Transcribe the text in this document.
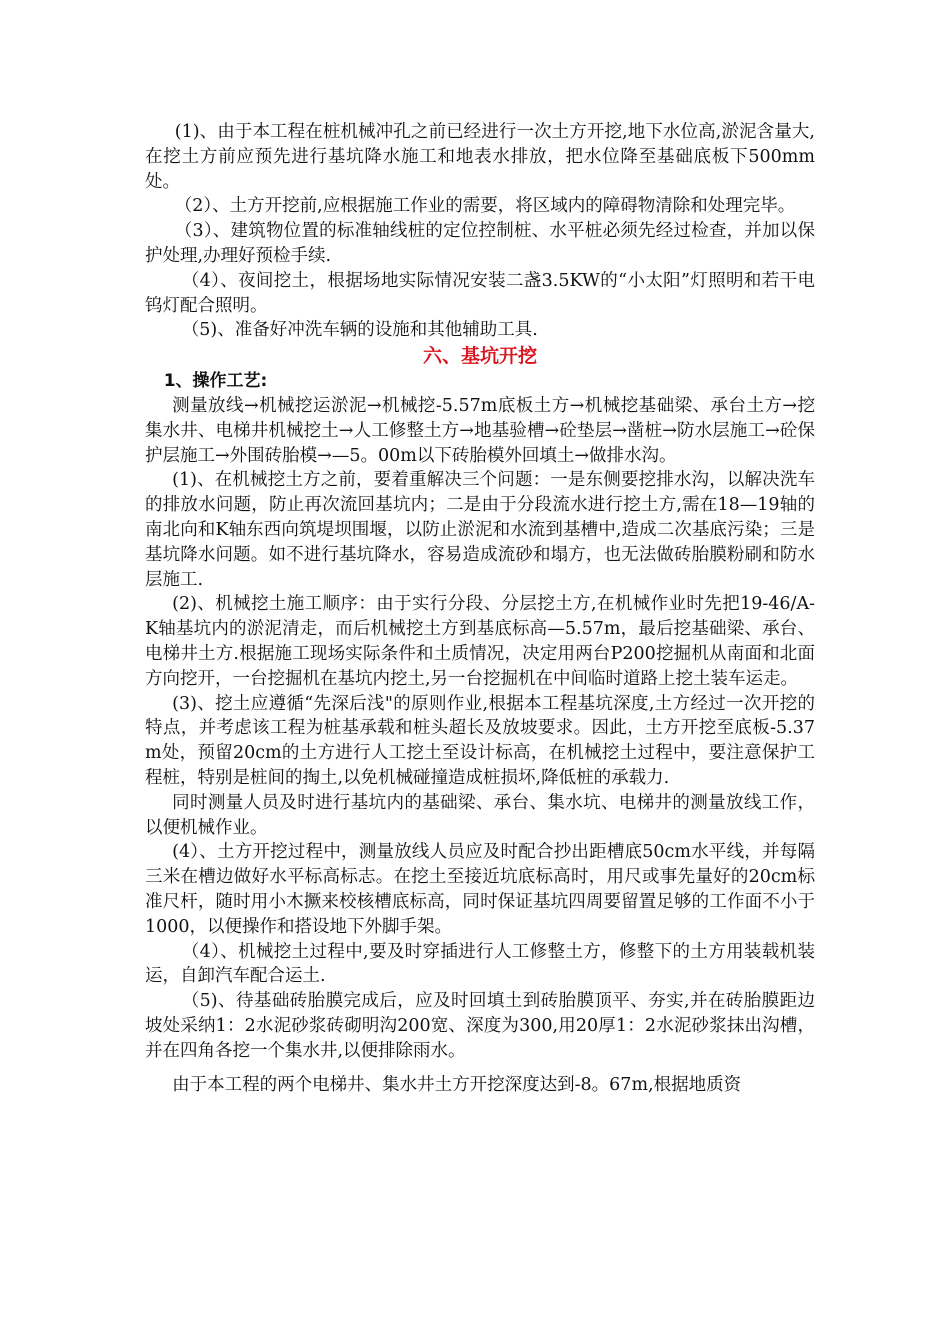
(1)、由于本工程在桩机械冲孔之前已经进行一次土方开挖,地下水位高,淤泥含量大,在挖土方前应预先进行基坑降水施工和地表水排放，把水位降至基础底板下500mm处。

（2）、土方开挖前,应根据施工作业的需要，将区域内的障碍物清除和处理完毕。

（3）、建筑物位置的标准轴线桩的定位控制桩、水平桩必须先经过检查，并加以保护处理,办理好预检手续.

（4）、夜间挖土，根据场地实际情况安装二盏3.5KW的“小太阳”灯照明和若干电钨灯配合照明。

（5)、准备好冲洗车辆的设施和其他辅助工具.

六、基坑开挖

1、操作工艺:

测量放线→机械挖运淤泥→机械挖-5.57m底板土方→机械挖基础梁、承台土方→挖集水井、电梯井机械挖土→人工修整土方→地基验槽→砼垫层→凿桩→防水层施工→砼保护层施工→外围砖胎模→—5。00m以下砖胎模外回填土→做排水沟。

(1)、在机械挖土方之前，要着重解决三个问题：一是东侧要挖排水沟，以解决洗车的排放水问题，防止再次流回基坑内；二是由于分段流水进行挖土方,需在18—19轴的南北向和K轴东西向筑堤坝围堰，以防止淤泥和水流到基槽中,造成二次基底污染；三是基坑降水问题。如不进行基坑降水，容易造成流砂和塌方，也无法做砖胎膜粉刷和防水层施工.

(2)、机械挖土施工顺序：由于实行分段、分层挖土方,在机械作业时先把19-46/A-K轴基坑内的淤泥清走，而后机械挖土方到基底标高—5.57m，最后挖基础梁、承台、电梯井土方.根据施工现场实际条件和土质情况，决定用两台P200挖掘机从南面和北面方向挖开，一台挖掘机在基坑内挖土,另一台挖掘机在中间临时道路上挖土装车运走。

(3)、挖土应遵循“先深后浅"的原则作业,根据本工程基坑深度,土方经过一次开挖的特点，并考虑该工程为桩基承载和桩头超长及放坡要求。因此，土方开挖至底板-5.37m处，预留20cm的土方进行人工挖土至设计标高，在机械挖土过程中，要注意保护工程桩，特别是桩间的掏土,以免机械碰撞造成桩损坏,降低桩的承载力.

同时测量人员及时进行基坑内的基础梁、承台、集水坑、电梯井的测量放线工作，以便机械作业。

(4）、土方开挖过程中，测量放线人员应及时配合抄出距槽底50cm水平线，并每隔三米在槽边做好水平标高标志。在挖土至接近坑底标高时，用尺或事先量好的20cm标准尺杆，随时用小木撅来校核槽底标高，同时保证基坑四周要留置足够的工作面不小于1000，以便操作和搭设地下外脚手架。

（4）、机械挖土过程中,要及时穿插进行人工修整土方，修整下的土方用装载机装运，自卸汽车配合运土.

（5)、待基础砖胎膜完成后，应及时回填土到砖胎膜顶平、夯实,并在砖胎膜距边坡处采纳1：2水泥砂浆砖砌明沟200宽、深度为300,用20厚1：2水泥砂浆抹出沟槽，并在四角各挖一个集水井,以便排除雨水。

由于本工程的两个电梯井、集水井土方开挖深度达到-8。67m,根据地质资
